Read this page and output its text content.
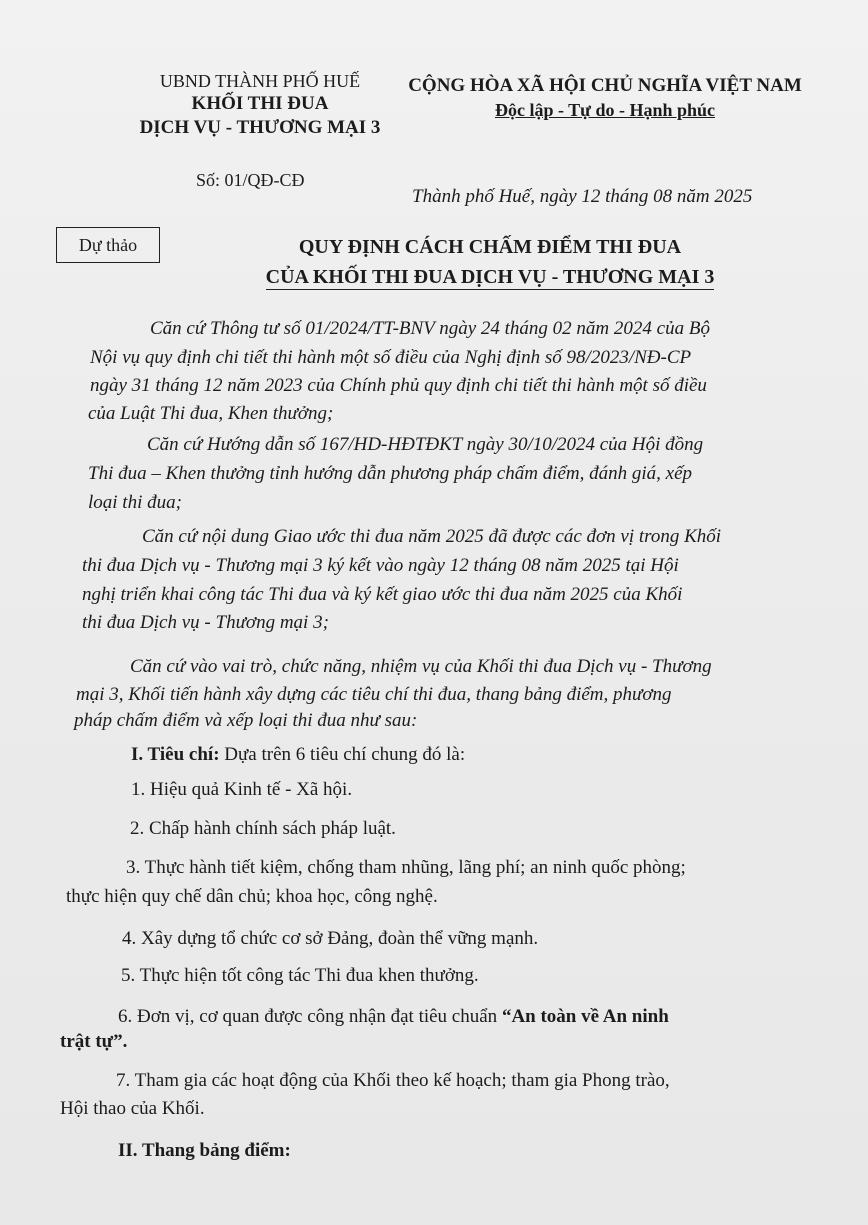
UBND THÀNH PHỐ HUẾ
KHỐI THI ĐUA
DỊCH VỤ - THƯƠNG MẠI 3
CỘNG HÒA XÃ HỘI CHỦ NGHĨA VIỆT NAM
Độc lập - Tự do - Hạnh phúc
Số: 01/QĐ-CĐ
Thành phố Huế, ngày 12 tháng 08 năm 2025
Dự thảo	QUY ĐỊNH CÁCH CHẤM ĐIỂM THI ĐUA
CỦA KHỐI THI ĐUA DỊCH VỤ - THƯƠNG MẠI 3
Căn cứ Thông tư số 01/2024/TT-BNV ngày 24 tháng 02 năm 2024 của Bộ
Nội vụ quy định chi tiết thi hành một số điều của Nghị định số 98/2023/NĐ-CP
ngày 31 tháng 12 năm 2023 của Chính phủ quy định chi tiết thi hành một số điều
của Luật Thi đua, Khen thưởng;
Căn cứ Hướng dẫn số 167/HD-HĐTĐKT ngày 30/10/2024 của Hội đồng
Thi đua – Khen thưởng tỉnh hướng dẫn phương pháp chấm điểm, đánh giá, xếp
loại thi đua;
Căn cứ nội dung Giao ước thi đua năm 2025 đã được các đơn vị trong Khối
thi đua Dịch vụ - Thương mại 3 ký kết vào ngày 12 tháng 08 năm 2025 tại Hội
nghị triển khai công tác Thi đua và ký kết giao ước thi đua năm 2025 của Khối
thi đua Dịch vụ - Thương mại 3;
Căn cứ vào vai trò, chức năng, nhiệm vụ của Khối thi đua Dịch vụ - Thương
mại 3, Khối tiến hành xây dựng các tiêu chí thi đua, thang bảng điểm, phương
pháp chấm điểm và xếp loại thi đua như sau:
I. Tiêu chí: Dựa trên 6 tiêu chí chung đó là:
1. Hiệu quả Kinh tế - Xã hội.
2. Chấp hành chính sách pháp luật.
3. Thực hành tiết kiệm, chống tham nhũng, lãng phí; an ninh quốc phòng;
thực hiện quy chế dân chủ; khoa học, công nghệ.
4. Xây dựng tổ chức cơ sở Đảng, đoàn thể vững mạnh.
5. Thực hiện tốt công tác Thi đua khen thưởng.
6. Đơn vị, cơ quan được công nhận đạt tiêu chuẩn “An toàn về An ninh
trật tự”.
7. Tham gia các hoạt động của Khối theo kế hoạch; tham gia Phong trào,
Hội thao của Khối.
II. Thang bảng điểm:
